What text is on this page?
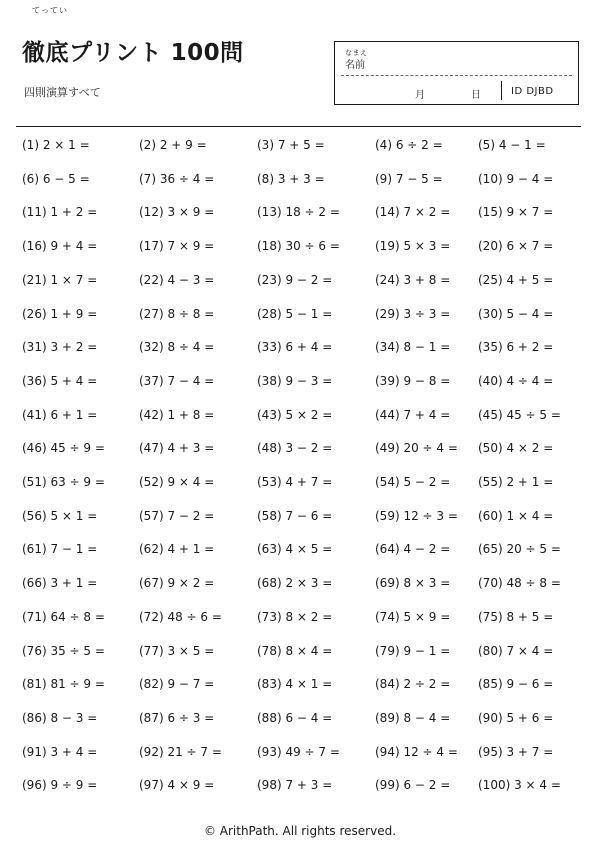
てってい
徹底プリント 100問
四則演算すべて
なまえ
名前
月	日	ID DJBD
(1) 2 × 1 =	(2) 2 + 9 =	(3) 7 + 5 =	(4) 6 ÷ 2 =	(5) 4 − 1 =
(6) 6 − 5 =	(7) 36 ÷ 4 =	(8) 3 + 3 =	(9) 7 − 5 =	(10) 9 − 4 =
(11) 1 + 2 =	(12) 3 × 9 =	(13) 18 ÷ 2 =	(14) 7 × 2 = (15) 9 × 7 =
(16) 9 + 4 =	(17) 7 × 9 =	(18) 30 ÷ 6 =	(19) 5 × 3 = (20) 6 × 7 =
(21) 1 × 7 =	(22) 4 − 3 =	(23) 9 − 2 =	(24) 3 + 8 = (25) 4 + 5 =
(26) 1 + 9 =	(27) 8 ÷ 8 =	(28) 5 − 1 =	(29) 3 ÷ 3 = (30) 5 − 4 =
(31) 3 + 2 =	(32) 8 ÷ 4 =	(33) 6 + 4 =	(34) 8 − 1 = (35) 6 + 2 =
(36) 5 + 4 =	(37) 7 − 4 =	(38) 9 − 3 =	(39) 9 − 8 = (40) 4 ÷ 4 =
(41) 6 + 1 =	(42) 1 + 8 =	(43) 5 × 2 =	(44) 7 + 4 = (45) 45 ÷ 5 =
(46) 45 ÷ 9 =	(47) 4 + 3 =	(48) 3 − 2 =	(49) 20 ÷ 4 = (50) 4 × 2 =
(51) 63 ÷ 9 =	(52) 9 × 4 =	(53) 4 + 7 =	(54) 5 − 2 = (55) 2 + 1 =
(56) 5 × 1 =	(57) 7 − 2 =	(58) 7 − 6 =	(59) 12 ÷ 3 = (60) 1 × 4 =
(61) 7 − 1 =	(62) 4 + 1 =	(63) 4 × 5 =	(64) 4 − 2 = (65) 20 ÷ 5 =
(66) 3 + 1 =	(67) 9 × 2 =	(68) 2 × 3 =	(69) 8 × 3 = (70) 48 ÷ 8 =
(71) 64 ÷ 8 =	(72) 48 ÷ 6 =	(73) 8 × 2 =	(74) 5 × 9 = (75) 8 + 5 =
(76) 35 ÷ 5 =	(77) 3 × 5 =	(78) 8 × 4 =	(79) 9 − 1 = (80) 7 × 4 =
(81) 81 ÷ 9 =	(82) 9 − 7 =	(83) 4 × 1 =	(84) 2 ÷ 2 = (85) 9 − 6 =
(86) 8 − 3 =	(87) 6 ÷ 3 =	(88) 6 − 4 =	(89) 8 − 4 = (90) 5 + 6 =
(91) 3 + 4 =	(92) 21 ÷ 7 =	(93) 49 ÷ 7 =	(94) 12 ÷ 4 = (95) 3 + 7 =
(96) 9 ÷ 9 =	(97) 4 × 9 =	(98) 7 + 3 =	(99) 6 − 2 = (100) 3 × 4 =
© ArithPath. All rights reserved.
